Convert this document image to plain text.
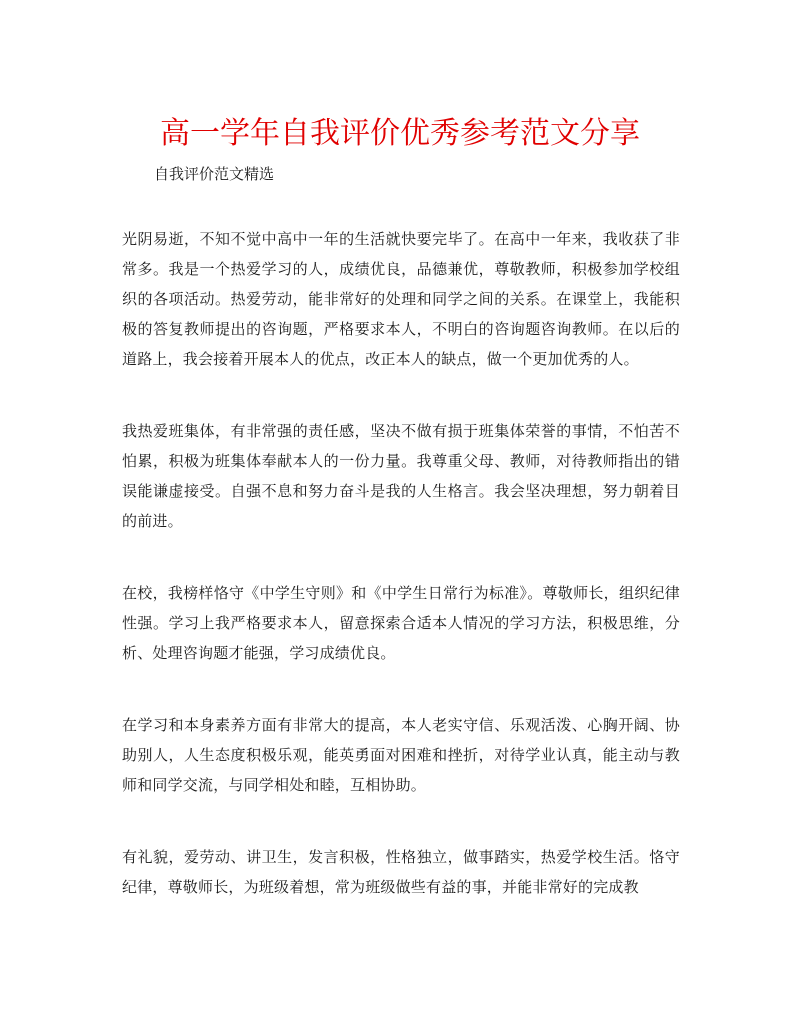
高一学年自我评价优秀参考范文分享

自我评价范文精选

光阴易逝，不知不觉中高中一年的生活就快要完毕了。在高中一年来，我收获了非常多。我是一个热爱学习的人，成绩优良，品德兼优，尊敬教师，积极参加学校组织的各项活动。热爱劳动，能非常好的处理和同学之间的关系。在课堂上，我能积极的答复教师提出的咨询题，严格要求本人，不明白的咨询题咨询教师。在以后的道路上，我会接着开展本人的优点，改正本人的缺点，做一个更加优秀的人。

我热爱班集体，有非常强的责任感，坚决不做有损于班集体荣誉的事情，不怕苦不怕累，积极为班集体奉献本人的一份力量。我尊重父母、教师，对待教师指出的错误能谦虚接受。自强不息和努力奋斗是我的人生格言。我会坚决理想，努力朝着目的前进。

在校，我榜样恪守《中学生守则》和《中学生日常行为标准》。尊敬师长，组织纪律性强。学习上我严格要求本人，留意探索合适本人情况的学习方法，积极思维，分析、处理咨询题才能强，学习成绩优良。

在学习和本身素养方面有非常大的提高，本人老实守信、乐观活泼、心胸开阔、协助别人，人生态度积极乐观，能英勇面对困难和挫折，对待学业认真，能主动与教师和同学交流，与同学相处和睦，互相协助。

有礼貌，爱劳动、讲卫生，发言积极，性格独立，做事踏实，热爱学校生活。恪守纪律，尊敬师长，为班级着想，常为班级做些有益的事，并能非常好的完成教
